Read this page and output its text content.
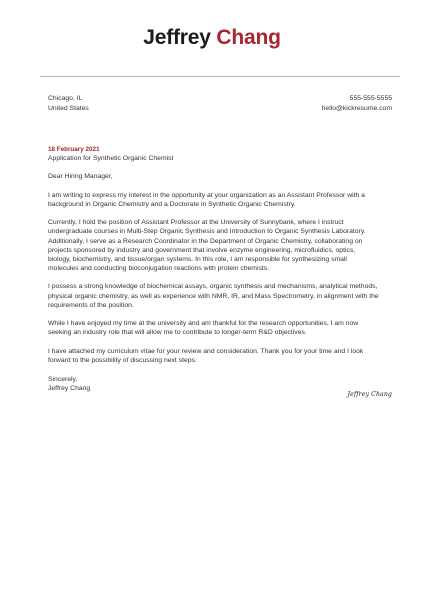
Jeffrey Chang
Chicago, IL
United States
555-555-5555
hello@kickresume.com
18 February 2021
Application for Synthetic Organic Chemist
Dear Hiring Manager,
I am writing to express my interest in the opportunity at your organization as an Assistant Professor with a
background in Organic Chemistry and a Doctorate in Synthetic Organic Chemistry.
Currently, I hold the position of Assistant Professor at the University of Sunnybank, where I instruct
undergraduate courses in Multi-Step Organic Synthesis and Introduction to Organic Synthesis Laboratory.
Additionally, I serve as a Research Coordinator in the Department of Organic Chemistry, collaborating on
projects sponsored by industry and government that involve enzyme engineering, microfluidics, optics,
biology, biochemistry, and tissue/organ systems. In this role, I am responsible for synthesizing small
molecules and conducting bioconjugation reactions with protein chemists.
I possess a strong knowledge of biochemical assays, organic synthesis and mechanisms, analytical methods,
physical organic chemistry, as well as experience with NMR, IR, and Mass Spectrometry, in alignment with the
requirements of the position.
While I have enjoyed my time at the university and am thankful for the research opportunities, I am now
seeking an industry role that will allow me to contribute to longer-term R&D objectives.
I have attached my curriculum vitae for your review and consideration. Thank you for your time and I look
forward to the possibility of discussing next steps.
Sincerely,
Jeffrey Chang
Jeffrey Chang
